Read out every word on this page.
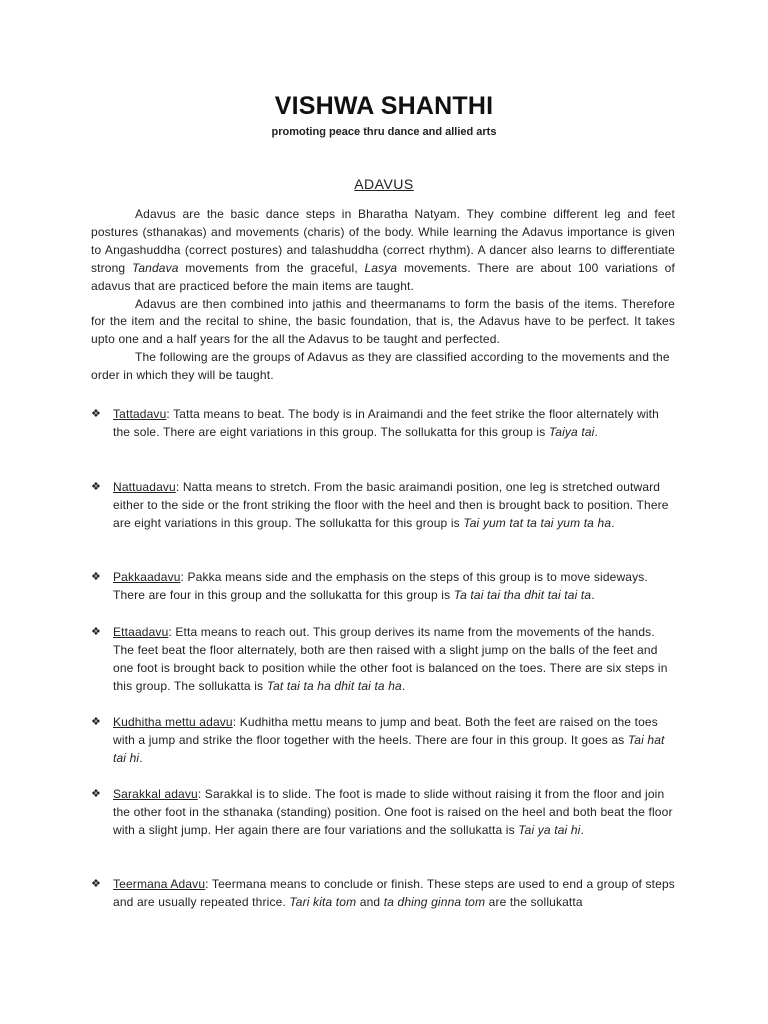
VISHWA SHANTHI
promoting peace thru dance and allied arts
ADAVUS

Adavus are the basic dance steps in Bharatha Natyam. They combine different leg and feet postures (sthanakas) and movements (charis) of the body. While learning the Adavus importance is given to Angashuddha (correct postures) and talashuddha (correct rhythm). A dancer also learns to differentiate strong Tandava movements from the graceful, Lasya movements. There are about 100 variations of adavus that are practiced before the main items are taught.

Adavus are then combined into jathis and theermanams to form the basis of the items. Therefore for the item and the recital to shine, the basic foundation, that is, the Adavus have to be perfect. It takes upto one and a half years for the all the Adavus to be taught and perfected.

The following are the groups of Adavus as they are classified according to the movements and the order in which they will be taught.

❖ Tattadavu: Tatta means to beat. The body is in Araimandi and the feet strike the floor alternately with the sole. There are eight variations in this group. The sollukatta for this group is Taiya tai.

❖ Nattuadavu: Natta means to stretch. From the basic araimandi position, one leg is stretched outward either to the side or the front striking the floor with the heel and then is brought back to position. There are eight variations in this group. The sollukatta for this group is Tai yum tat ta tai yum ta ha.

❖ Pakkaadavu: Pakka means side and the emphasis on the steps of this group is to move sideways. There are four in this group and the sollukatta for this group is Ta tai tai tha dhit tai tai ta.

❖ Ettaadavu: Etta means to reach out. This group derives its name from the movements of the hands. The feet beat the floor alternately, both are then raised with a slight jump on the balls of the feet and one foot is brought back to position while the other foot is balanced on the toes. There are six steps in this group. The sollukatta is Tat tai ta ha dhit tai ta ha.

❖ Kudhitha mettu adavu: Kudhitha mettu means to jump and beat. Both the feet are raised on the toes with a jump and strike the floor together with the heels. There are four in this group. It goes as Tai hat tai hi.

❖ Sarakkal adavu: Sarakkal is to slide. The foot is made to slide without raising it from the floor and join the other foot in the sthanaka (standing) position. One foot is raised on the heel and both beat the floor with a slight jump. Her again there are four variations and the sollukatta is Tai ya tai hi.

❖ Teermana Adavu: Teermana means to conclude or finish. These steps are used to end a group of steps and are usually repeated thrice. Tari kita tom and ta dhing ginna tom are the sollukatta
